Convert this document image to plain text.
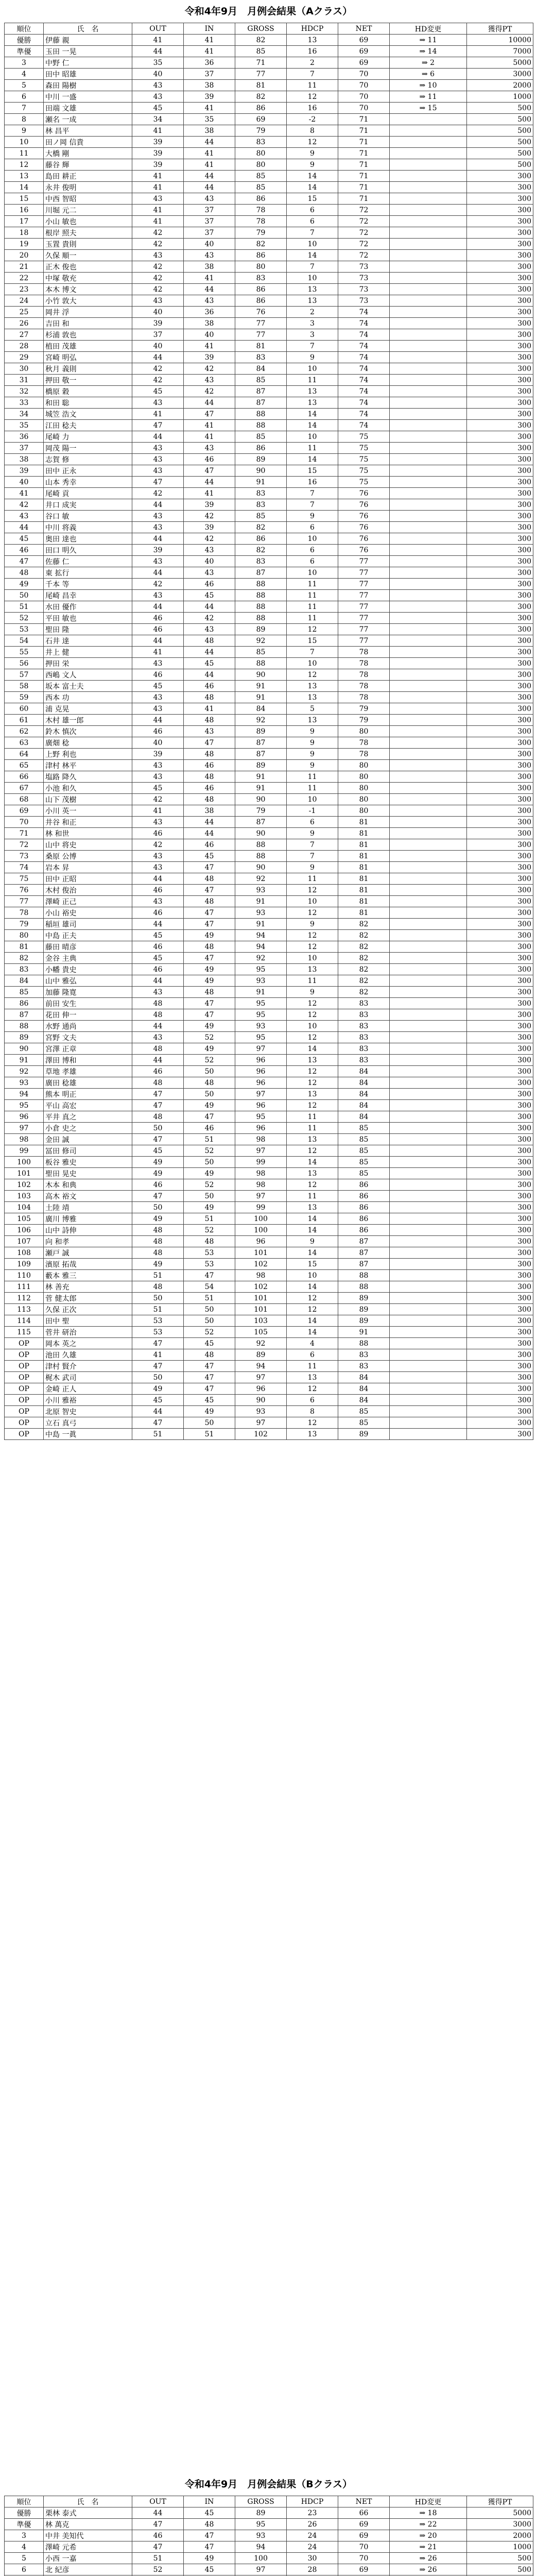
令和4年9月　月例会結果（Aクラス）
順位	氏　名	OUT	IN	GROSS	HDCP	NET	HD変更	獲得PT
優勝	伊藤 親	41	41	82	13	69	⇒ 11	10000
準優	玉田 一晃	44	41	85	16	69	⇒ 14	7000
3	中野 仁	35	36	71	2	69	⇒ 2	5000
4	田中 昭雄	40	37	77	7	70	⇒ 6	3000
5	森田 陽樹	43	38	81	11	70	⇒ 10	2000
6	中川 一盛	43	39	82	12	70	⇒ 11	1000
7	田端 文雄	45	41	86	16	70	⇒ 15	500
8	瀬名 一成	34	35	69	-2	71		500
9	林 昌平	41	38	79	8	71		500
10	田ノ岡 信貴	39	44	83	12	71		500
11	大橋 剛	39	41	80	9	71		500
12	藤谷 輝	39	41	80	9	71		500
13	島田 耕正	41	44	85	14	71		300
14	永井 俊明	41	44	85	14	71		300
15	中西 智昭	43	43	86	15	71		300
16	川堀 元二	41	37	78	6	72		300
17	小山 敏也	41	37	78	6	72		300
18	根岸 照夫	42	37	79	7	72		300
19	玉置 貴則	42	40	82	10	72		300
20	久保 順一	43	43	86	14	72		300
21	正木 俊也	42	38	80	7	73		300
22	中塚 敬充	42	41	83	10	73		300
23	本木 博文	42	44	86	13	73		300
24	小竹 敦大	43	43	86	13	73		300
25	岡井 浮	40	36	76	2	74		300
26	吉田 和	39	38	77	3	74		300
27	杉浦 敦也	37	40	77	3	74		300
28	植田 茂雄	40	41	81	7	74		300
29	宮崎 明弘	44	39	83	9	74		300
30	秋月 義則	42	42	84	10	74		300
31	押田 敬一	42	43	85	11	74		300
32	橋原 穀	45	42	87	13	74		300
33	和田 聡	43	44	87	13	74		300
34	城笠 浩文	41	47	88	14	74		300
35	江田 稔夫	47	41	88	14	74		300
36	尾崎 力	44	41	85	10	75		300
37	岡茂 陽一	43	43	86	11	75		300
38	志賀 修	43	46	89	14	75		300
39	田中 正永	43	47	90	15	75		300
40	山本 秀幸	47	44	91	16	75		300
41	尾崎 貢	42	41	83	7	76		300
42	井口 成実	44	39	83	7	76		300
43	谷口 敏	43	42	85	9	76		300
44	中川 将義	43	39	82	6	76		300
45	奥田 達也	44	42	86	10	76		300
46	田口 明久	39	43	82	6	76		300
47	佐藤 仁	43	40	83	6	77		300
48	東 拡行	44	43	87	10	77		300
49	千本 等	42	46	88	11	77		300
50	尾崎 昌幸	43	45	88	11	77		300
51	水田 優作	44	44	88	11	77		300
52	平田 敏也	46	42	88	11	77		300
53	聖田 隆	46	43	89	12	77		300
54	石井 達	44	48	92	15	77		300
55	井上 健	41	44	85	7	78		300
56	押田 栄	43	45	88	10	78		300
57	西嶋 文人	46	44	90	12	78		300
58	坂本 富士夫	45	46	91	13	78		300
59	西本 功	43	48	91	13	78		300
60	浦 克晃	43	41	84	5	79		300
61	木村 雄一郎	44	48	92	13	79		300
62	鈴木 慎次	46	43	89	9	80		300
63	廣畑 稔	40	47	87	9	78		300
64	上野 利也	39	48	87	9	78		300
65	津村 林平	43	46	89	9	80		300
66	塩路 降久	43	48	91	11	80		300
67	小池 和久	45	46	91	11	80		300
68	山下 茂樹	42	48	90	10	80		300
69	小川 英一	41	38	79	-1	80		300
70	井谷 和正	43	44	87	6	81		300
71	林 和世	46	44	90	9	81		300
72	山中 将史	42	46	88	7	81		300
73	桑原 公博	43	45	88	7	81		300
74	岩本 昇	43	47	90	9	81		300
75	田中 正昭	44	48	92	11	81		300
76	木村 俊治	46	47	93	12	81		300
77	澤崎 正己	43	48	91	10	81		300
78	小山 裕史	46	47	93	12	81		300
79	稲垣 雄司	44	47	91	9	82		300
80	中島 正夫	45	49	94	12	82		300
81	藤田 晴彦	46	48	94	12	82		300
82	金谷 主典	45	47	92	10	82		300
83	小幡 貴史	46	49	95	13	82		300
84	山中 雅弘	44	49	93	11	82		300
85	加藤 隆寛	43	48	91	9	82		300
86	前田 安生	48	47	95	12	83		300
87	花田 伸一	48	47	95	12	83		300
88	水野 通尚	44	49	93	10	83		300
89	宮野 文夫	43	52	95	12	83		300
90	宮澤 正章	48	49	97	14	83		300
91	澤田 博和	44	52	96	13	83		300
92	草地 孝雄	46	50	96	12	84		300
93	廣田 稔雄	48	48	96	12	84		300
94	熊本 明正	47	50	97	13	84		300
95	平山 高宏	47	49	96	12	84		300
96	平井 真之	48	47	95	11	84		300
97	小倉 史之	50	46	96	11	85		300
98	金田 誠	47	51	98	13	85		300
99	冨田 修司	45	52	97	12	85		300
100	板谷 雅史	49	50	99	14	85		300
101	聖田 晃史	49	49	98	13	85		300
102	木本 和典	46	52	98	12	86		300
103	高木 裕文	47	50	97	11	86		300
104	土陸 靖	50	49	99	13	86		300
105	廣川 博雅	49	51	100	14	86		300
106	山中 詩伸	48	52	100	14	86		300
107	向 和孝	48	48	96	9	87		300
108	瀬戸 誠	48	53	101	14	87		300
109	濱原 拓哉	49	53	102	15	87		300
110	藪本 雅三	51	47	98	10	88		300
111	林 善充	48	54	102	14	88		300
112	菅 健太郎	50	51	101	12	89		300
113	久保 正次	51	50	101	12	89		300
114	田中 聖	53	50	103	14	89		300
115	菅井 研治	53	52	105	14	91		300
OP	岡本 英之	47	45	92	4	88		300
OP	池田 久雄	41	48	89	6	83		300
OP	津村 賢介	47	47	94	11	83		300
OP	梶木 武司	50	47	97	13	84		300
OP	金崎 正人	49	47	96	12	84		300
OP	小川 雅裕	45	45	90	6	84		300
OP	北原 智史	44	49	93	8	85		300
OP	立石 真弓	47	50	97	12	85		300
OP	中島 一眞	51	51	102	13	89		300
令和4年9月　月例会結果（Bクラス）
順位	氏　名	OUT	IN	GROSS	HDCP	NET	HD変更	獲得PT
優勝	栗林 泰式	44	45	89	23	66	⇒ 18	5000
準優	林 萬克	47	48	95	26	69	⇒ 22	3000
3	中井 美知代	46	47	93	24	69	⇒ 20	2000
4	澤崎 元希	47	47	94	24	70	⇒ 21	1000
5	小西 一嘉	51	49	100	30	70	⇒ 26	500
6	北 紀彦	52	45	97	28	69	⇒ 26	500
